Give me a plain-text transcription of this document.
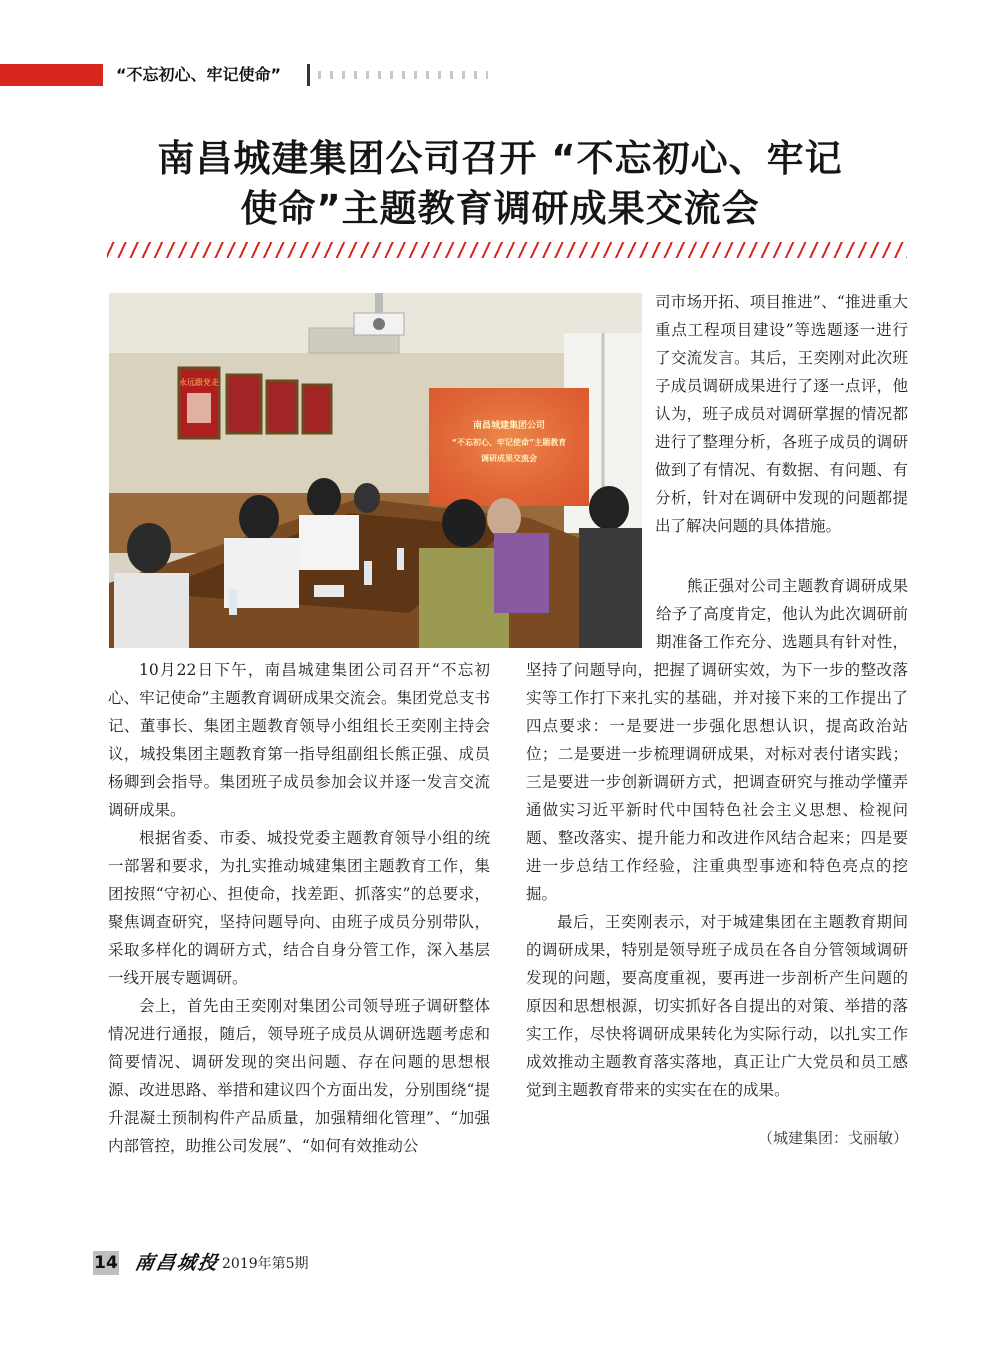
“不忘初心、牢记使命”
南昌城建集团公司召开 “不忘初心、牢记
使命”主题教育调研成果交流会
永远跟党走
南昌城建集团公司
“不忘初心、牢记使命”主题教育
调研成果交流会

司市场开拓、项目推进”、“推进重大重点工程项目建设”等选题逐一进行了交流发言。其后，王奕刚对此次班子成员调研成果进行了逐一点评，他认为，班子成员对调研掌握的情况都进行了整理分析，各班子成员的调研做到了有情况、有数据、有问题、有分析，针对在调研中发现的问题都提出了解决问题的具体措施。

10月22日下午，南昌城建集团公司召开“不忘初心、牢记使命”主题教育调研成果交流会。集团党总支书记、董事长、集团主题教育领导小组组长王奕刚主持会议，城投集团主题教育第一指导组副组长熊正强、成员杨卿到会指导。集团班子成员参加会议并逐一发言交流调研成果。

根据省委、市委、城投党委主题教育领导小组的统一部署和要求，为扎实推动城建集团主题教育工作，集团按照“守初心、担使命，找差距、抓落实”的总要求，聚焦调查研究，坚持问题导向、由班子成员分别带队，采取多样化的调研方式，结合自身分管工作，深入基层一线开展专题调研。

会上，首先由王奕刚对集团公司领导班子调研整体情况进行通报，随后，领导班子成员从调研选题考虑和简要情况、调研发现的突出问题、存在问题的思想根源、改进思路、举措和建议四个方面出发，分别围绕“提升混凝土预制构件产品质量，加强精细化管理”、“加强内部管控，助推公司发展”、“如何有效推动公

熊正强对公司主题教育调研成果给予了高度肯定，他认为此次调研前期准备工作充分、选题具有针对性，坚持了问题导向，把握了调研实效，为下一步的整改落实等工作打下来扎实的基础，并对接下来的工作提出了四点要求：一是要进一步强化思想认识，提高政治站位；二是要进一步梳理调研成果，对标对表付诸实践；三是要进一步创新调研方式，把调查研究与推动学懂弄通做实习近平新时代中国特色社会主义思想、检视问题、整改落实、提升能力和改进作风结合起来；四是要进一步总结工作经验，注重典型事迹和特色亮点的挖掘。

最后，王奕刚表示，对于城建集团在主题教育期间的调研成果，特别是领导班子成员在各自分管领域调研发现的问题，要高度重视，要再进一步剖析产生问题的原因和思想根源，切实抓好各自提出的对策、举措的落实工作，尽快将调研成果转化为实际行动，以扎实工作成效推动主题教育落实落地，真正让广大党员和员工感觉到主题教育带来的实实在在的成果。

（城建集团：戈丽敏）
14 南昌城投 2019年第5期
